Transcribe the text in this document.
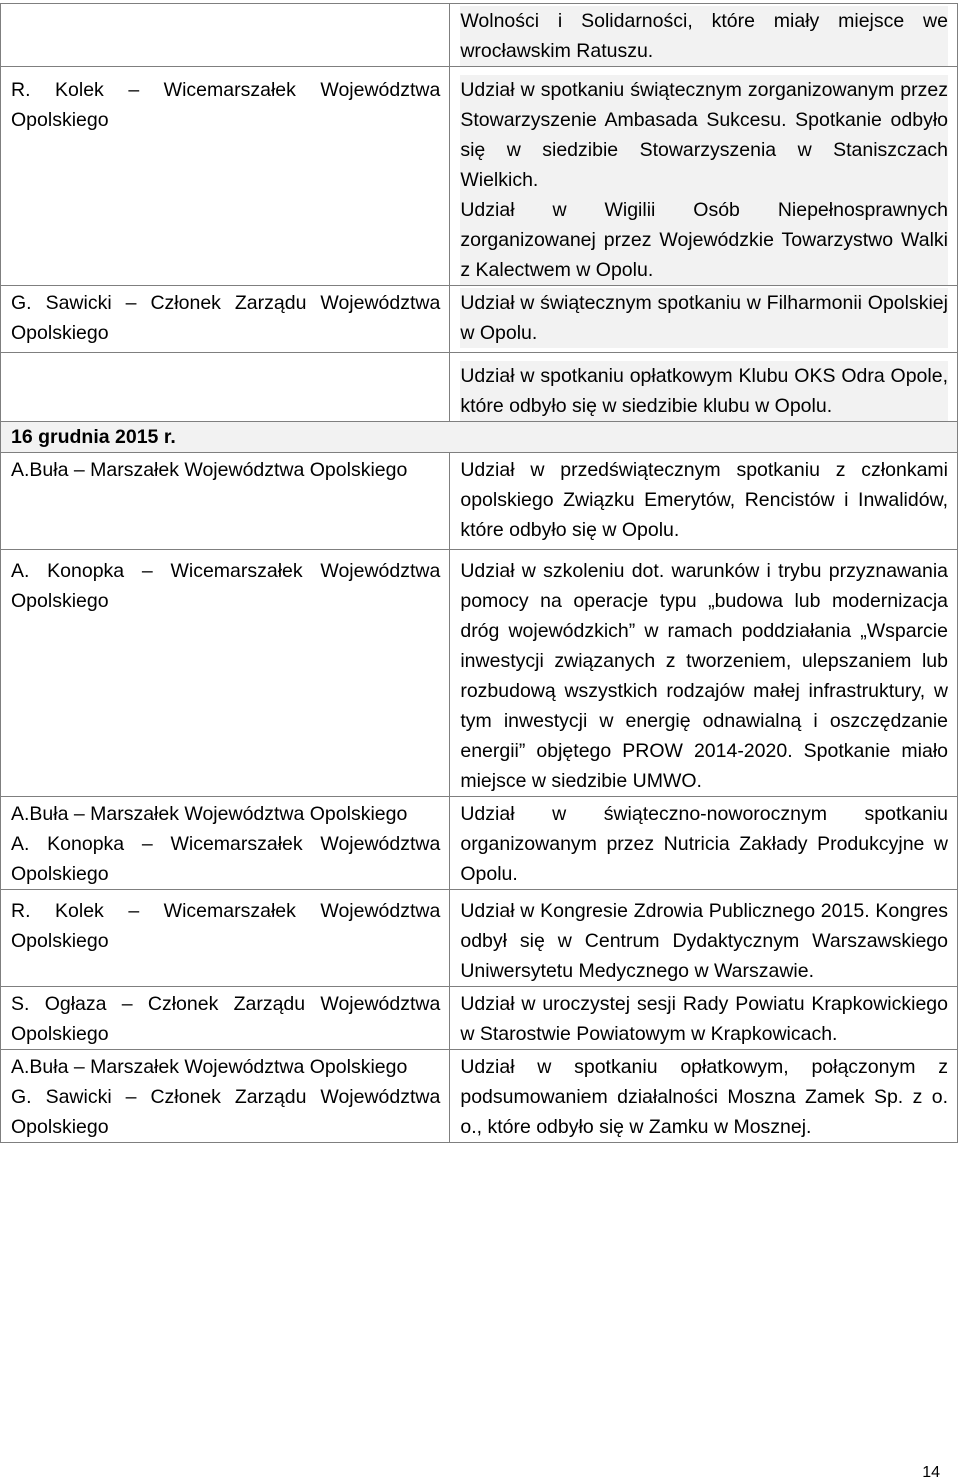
	Wolności i Solidarności, które miały miejsce we wrocławskim Ratuszu.

R. Kolek – Wicemarszałek Województwa Opolskiego	Udział w spotkaniu świątecznym zorganizowanym przez Stowarzyszenie Ambasada Sukcesu. Spotkanie odbyło się w siedzibie Stowarzyszenia w Staniszczach Wielkich.
Udział w Wigilii Osób Niepełnosprawnych zorganizowanej przez Wojewódzkie Towarzystwo Walki z Kalectwem w Opolu.

G. Sawicki – Członek Zarządu Województwa Opolskiego	Udział w świątecznym spotkaniu w Filharmonii Opolskiej w Opolu.

	Udział w spotkaniu opłatkowym Klubu OKS Odra Opole, które odbyło się w siedzibie klubu w Opolu.

16 grudnia 2015 r.	

A.Buła – Marszałek Województwa Opolskiego	Udział w przedświątecznym spotkaniu z członkami opolskiego Związku Emerytów, Rencistów i Inwalidów, które odbyło się w Opolu.

A. Konopka – Wicemarszałek Województwa Opolskiego	Udział w szkoleniu dot. warunków i trybu przyznawania pomocy na operacje typu „budowa lub modernizacja dróg wojewódzkich” w ramach poddziałania „Wsparcie inwestycji związanych z tworzeniem, ulepszaniem lub rozbudową wszystkich rodzajów małej infrastruktury, w tym inwestycji w energię odnawialną i oszczędzanie energii” objętego PROW 2014-2020. Spotkanie miało miejsce w siedzibie UMWO.

A.Buła – Marszałek Województwa Opolskiego
A. Konopka – Wicemarszałek Województwa Opolskiego	Udział w świąteczno-noworocznym spotkaniu organizowanym przez Nutricia Zakłady Produkcyjne w Opolu.

R. Kolek – Wicemarszałek Województwa Opolskiego	Udział w Kongresie Zdrowia Publicznego 2015. Kongres odbył się w Centrum Dydaktycznym Warszawskiego Uniwersytetu Medycznego w Warszawie.

S. Ogłaza – Członek Zarządu Województwa Opolskiego	Udział w uroczystej sesji Rady Powiatu Krapkowickiego w Starostwie Powiatowym w Krapkowicach.

A.Buła – Marszałek Województwa Opolskiego
G. Sawicki – Członek Zarządu Województwa Opolskiego	Udział w spotkaniu opłatkowym, połączonym z podsumowaniem działalności Moszna Zamek Sp. z o. o., które odbyło się w Zamku w Mosznej.
14
